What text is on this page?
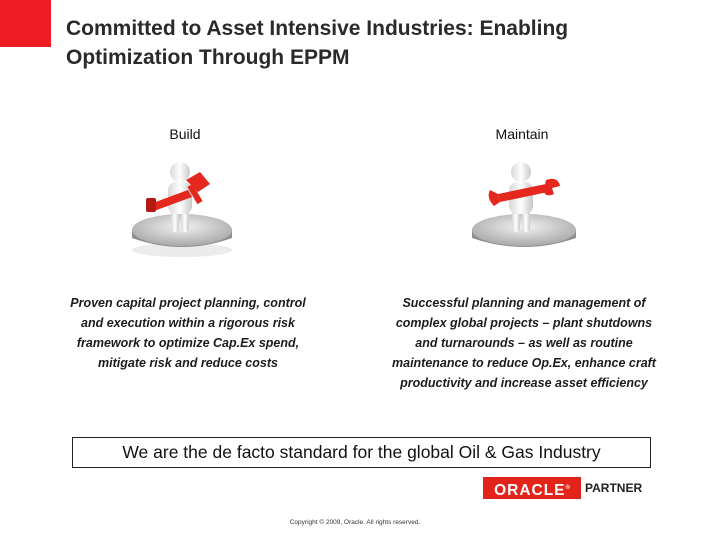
Committed to Asset Intensive Industries: Enabling
Optimization Through EPPM
Build
Proven capital project planning, control
and execution within a rigorous risk
framework to optimize Cap.Ex spend,
mitigate risk and reduce costs
Maintain
Successful planning and management of
complex global projects – plant shutdowns
and turnarounds – as well as routine
maintenance to reduce Op.Ex, enhance craft
productivity and increase asset efficiency
We are the de facto standard for the global Oil & Gas Industry
ORACLE®	PARTNER
Copyright © 2009, Oracle. All rights reserved.
